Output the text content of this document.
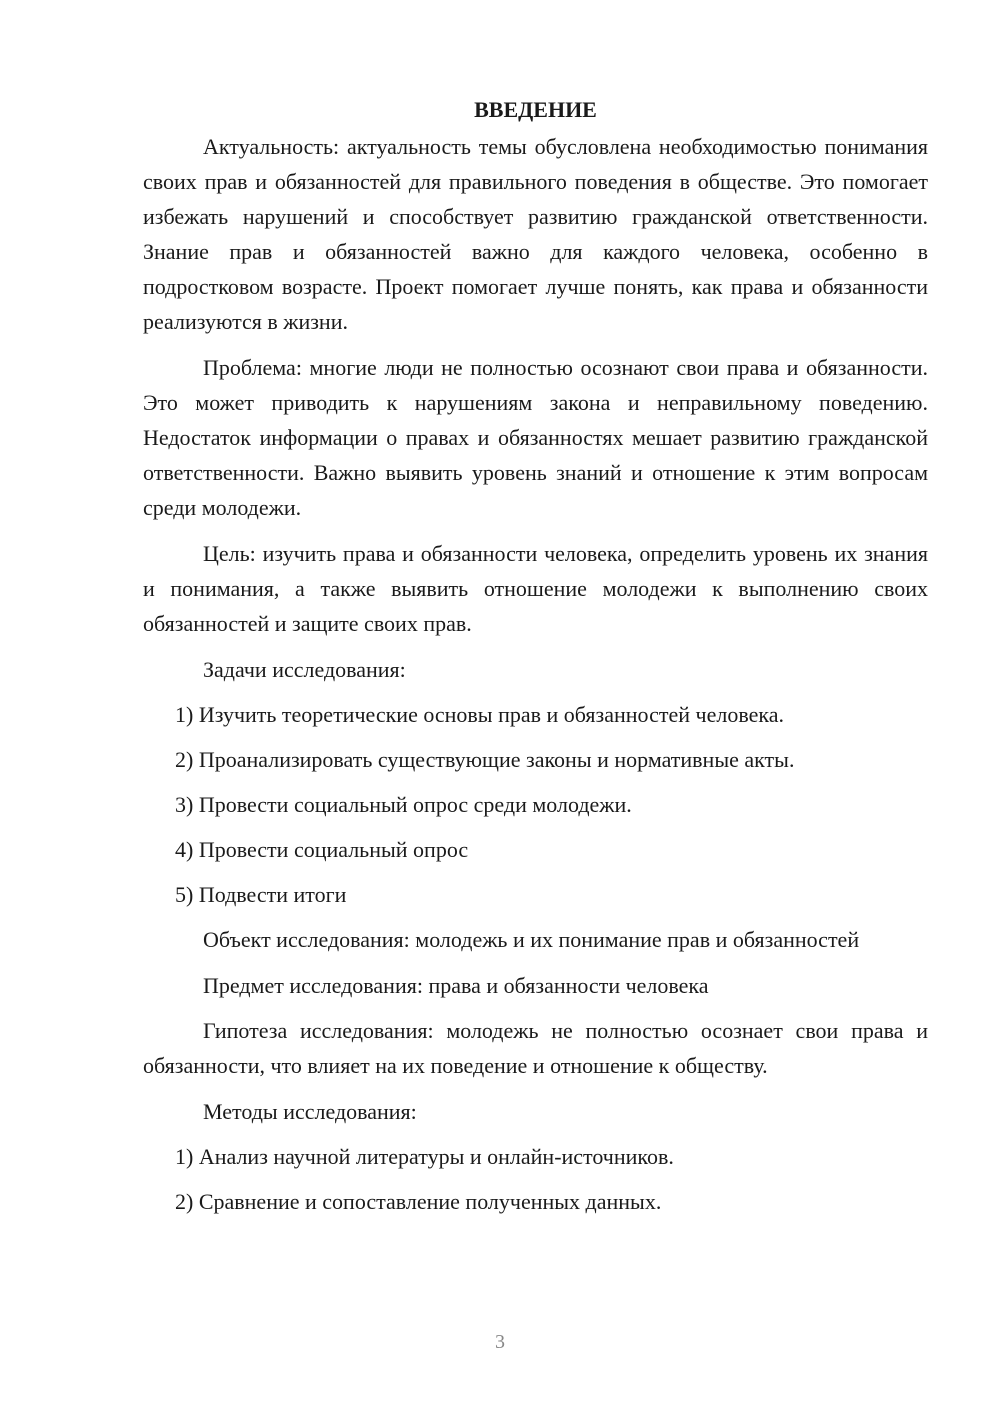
ВВЕДЕНИЕ

Актуальность: актуальность темы обусловлена необходимостью понимания своих прав и обязанностей для правильного поведения в обществе. Это помогает избежать нарушений и способствует развитию гражданской ответственности. Знание прав и обязанностей важно для каждого человека, особенно в подростковом возрасте. Проект помогает лучше понять, как права и обязанности реализуются в жизни.

Проблема: многие люди не полностью осознают свои права и обязанности. Это может приводить к нарушениям закона и неправильному поведению. Недостаток информации о правах и обязанностях мешает развитию гражданской ответственности. Важно выявить уровень знаний и отношение к этим вопросам среди молодежи.

Цель: изучить права и обязанности человека, определить уровень их знания и понимания, а также выявить отношение молодежи к выполнению своих обязанностей и защите своих прав.

Задачи исследования:

1) Изучить теоретические основы прав и обязанностей человека.

2) Проанализировать существующие законы и нормативные акты.

3) Провести социальный опрос среди молодежи.

4) Провести социальный опрос

5) Подвести итоги

Объект исследования: молодежь и их понимание прав и обязанностей

Предмет исследования: права и обязанности человека

Гипотеза исследования: молодежь не полностью осознает свои права и обязанности, что влияет на их поведение и отношение к обществу.

Методы исследования:

1) Анализ научной литературы и онлайн-источников.

2) Сравнение и сопоставление полученных данных.

3
